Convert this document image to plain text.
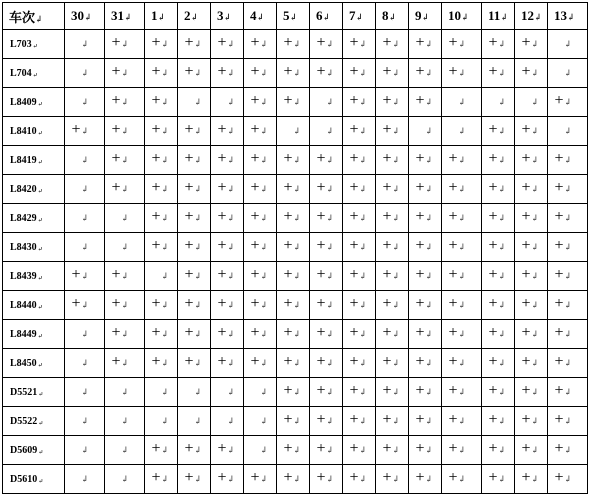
车次↲	30↲	31↲	1↲	2↲	3↲	4↲	5↲	6↲	7↲	8↲	9↲	10↲	11↲	12↲	13↲
L703↵	↲	+↲	+↲	+↲	+↲	+↲	+↲	+↲	+↲	+↲	+↲	+↲	+↲	+↲	↲
L704↵	↲	+↲	+↲	+↲	+↲	+↲	+↲	+↲	+↲	+↲	+↲	+↲	+↲	+↲	↲
L8409↵	↲	+↲	+↲	↲	↲	+↲	+↲	↲	+↲	+↲	+↲	↲	↲	↲	+↲
L8410↵	+↲	+↲	+↲	+↲	+↲	+↲	↲	↲	+↲	+↲	↲	↲	+↲	+↲	↲
L8419↵	↲	+↲	+↲	+↲	+↲	+↲	+↲	+↲	+↲	+↲	+↲	+↲	+↲	+↲	+↲
L8420↵	↲	+↲	+↲	+↲	+↲	+↲	+↲	+↲	+↲	+↲	+↲	+↲	+↲	+↲	+↲
L8429↵	↲	↲	+↲	+↲	+↲	+↲	+↲	+↲	+↲	+↲	+↲	+↲	+↲	+↲	+↲
L8430↵	↲	↲	+↲	+↲	+↲	+↲	+↲	+↲	+↲	+↲	+↲	+↲	+↲	+↲	+↲
L8439↵	+↲	+↲	↲	+↲	+↲	+↲	+↲	+↲	+↲	+↲	+↲	+↲	+↲	+↲	+↲
L8440↵	+↲	+↲	+↲	+↲	+↲	+↲	+↲	+↲	+↲	+↲	+↲	+↲	+↲	+↲	+↲
L8449↵	↲	+↲	+↲	+↲	+↲	+↲	+↲	+↲	+↲	+↲	+↲	+↲	+↲	+↲	+↲
L8450↵	↲	+↲	+↲	+↲	+↲	+↲	+↲	+↲	+↲	+↲	+↲	+↲	+↲	+↲	+↲
D5521↵	↲	↲	↲	↲	↲	↲	+↲	+↲	+↲	+↲	+↲	+↲	+↲	+↲	+↲
D5522↵	↲	↲	↲	↲	↲	↲	+↲	+↲	+↲	+↲	+↲	+↲	+↲	+↲	+↲
D5609↵	↲	↲	+↲	+↲	+↲	↲	+↲	+↲	+↲	+↲	+↲	+↲	+↲	+↲	+↲
D5610↵	↲	↲	+↲	+↲	+↲	+↲	+↲	+↲	+↲	+↲	+↲	+↲	+↲	+↲	+↲
